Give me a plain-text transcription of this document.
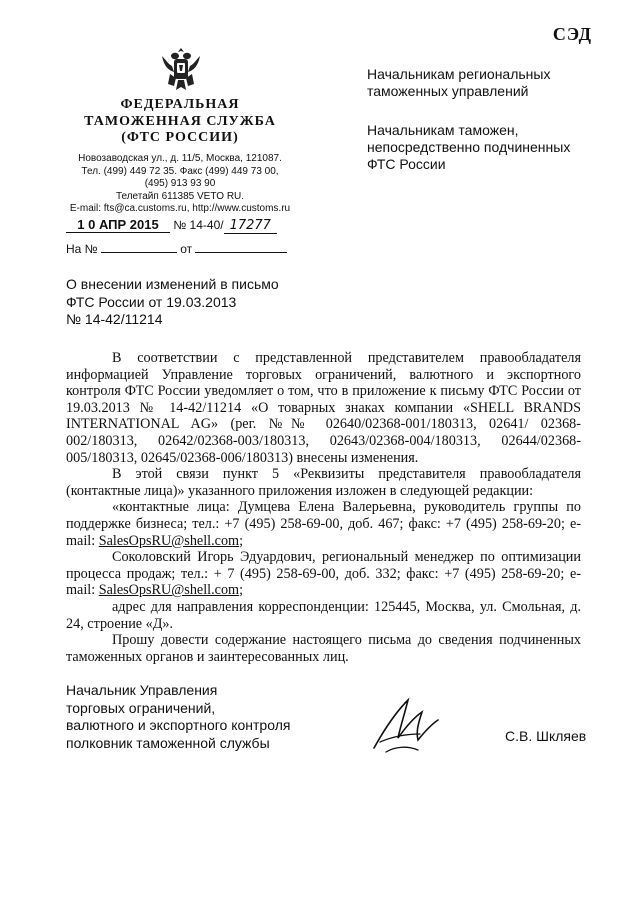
СЭД
ФЕДЕРАЛЬНАЯ
ТАМОЖЕННАЯ СЛУЖБА
(ФТС РОССИИ)
Новозаводская ул., д. 11/5, Москва, 121087.
Тел. (499) 449 72 35. Факс (499) 449 73 00,
(495) 913 93 90
Телетайп 611385 VETO RU.
E-mail: fts@ca.customs.ru, http://www.customs.ru
1 0 АПР 2015 № 14-40/ 17277
На №	от
Начальникам региональных
таможенных управлений
Начальникам таможен,
непосредственно подчиненных
ФТС России
О внесении изменений в письмо
ФТС России от 19.03.2013
№ 14-42/11214

В соответствии с представленной представителем правообладателя информацией Управление торговых ограничений, валютного и экспортного контроля ФТС России уведомляет о том, что в приложение к письму ФТС России от 19.03.2013 № 14-42/11214 «О товарных знаках компании «SHELL BRANDS INTERNATIONAL AG» (рег. №№ 02640/02368-001/180313, 02641/ 02368-002/180313, 02642/02368-003/180313, 02643/02368-004/180313, 02644/02368-005/180313, 02645/02368-006/180313) внесены изменения.

В этой связи пункт 5 «Реквизиты представителя правообладателя (контактные лица)» указанного приложения изложен в следующей редакции:

«контактные лица: Думцева Елена Валерьевна, руководитель группы по поддержке бизнеса; тел.: +7 (495) 258-69-00, доб. 467; факс: +7 (495) 258-69-20; e-mail: SalesOpsRU@shell.com;

Соколовский Игорь Эдуардович, региональный менеджер по оптимизации процесса продаж; тел.: + 7 (495) 258-69-00, доб. 332; факс: +7 (495) 258-69-20; e-mail: SalesOpsRU@shell.com;

адрес для направления корреспонденции: 125445, Москва, ул. Смольная, д. 24, строение «Д».

Прошу довести содержание настоящего письма до сведения подчиненных таможенных органов и заинтересованных лиц.

Начальник Управления
торговых ограничений,
валютного и экспортного контроля
полковник таможенной службы	С.В. Шкляев
